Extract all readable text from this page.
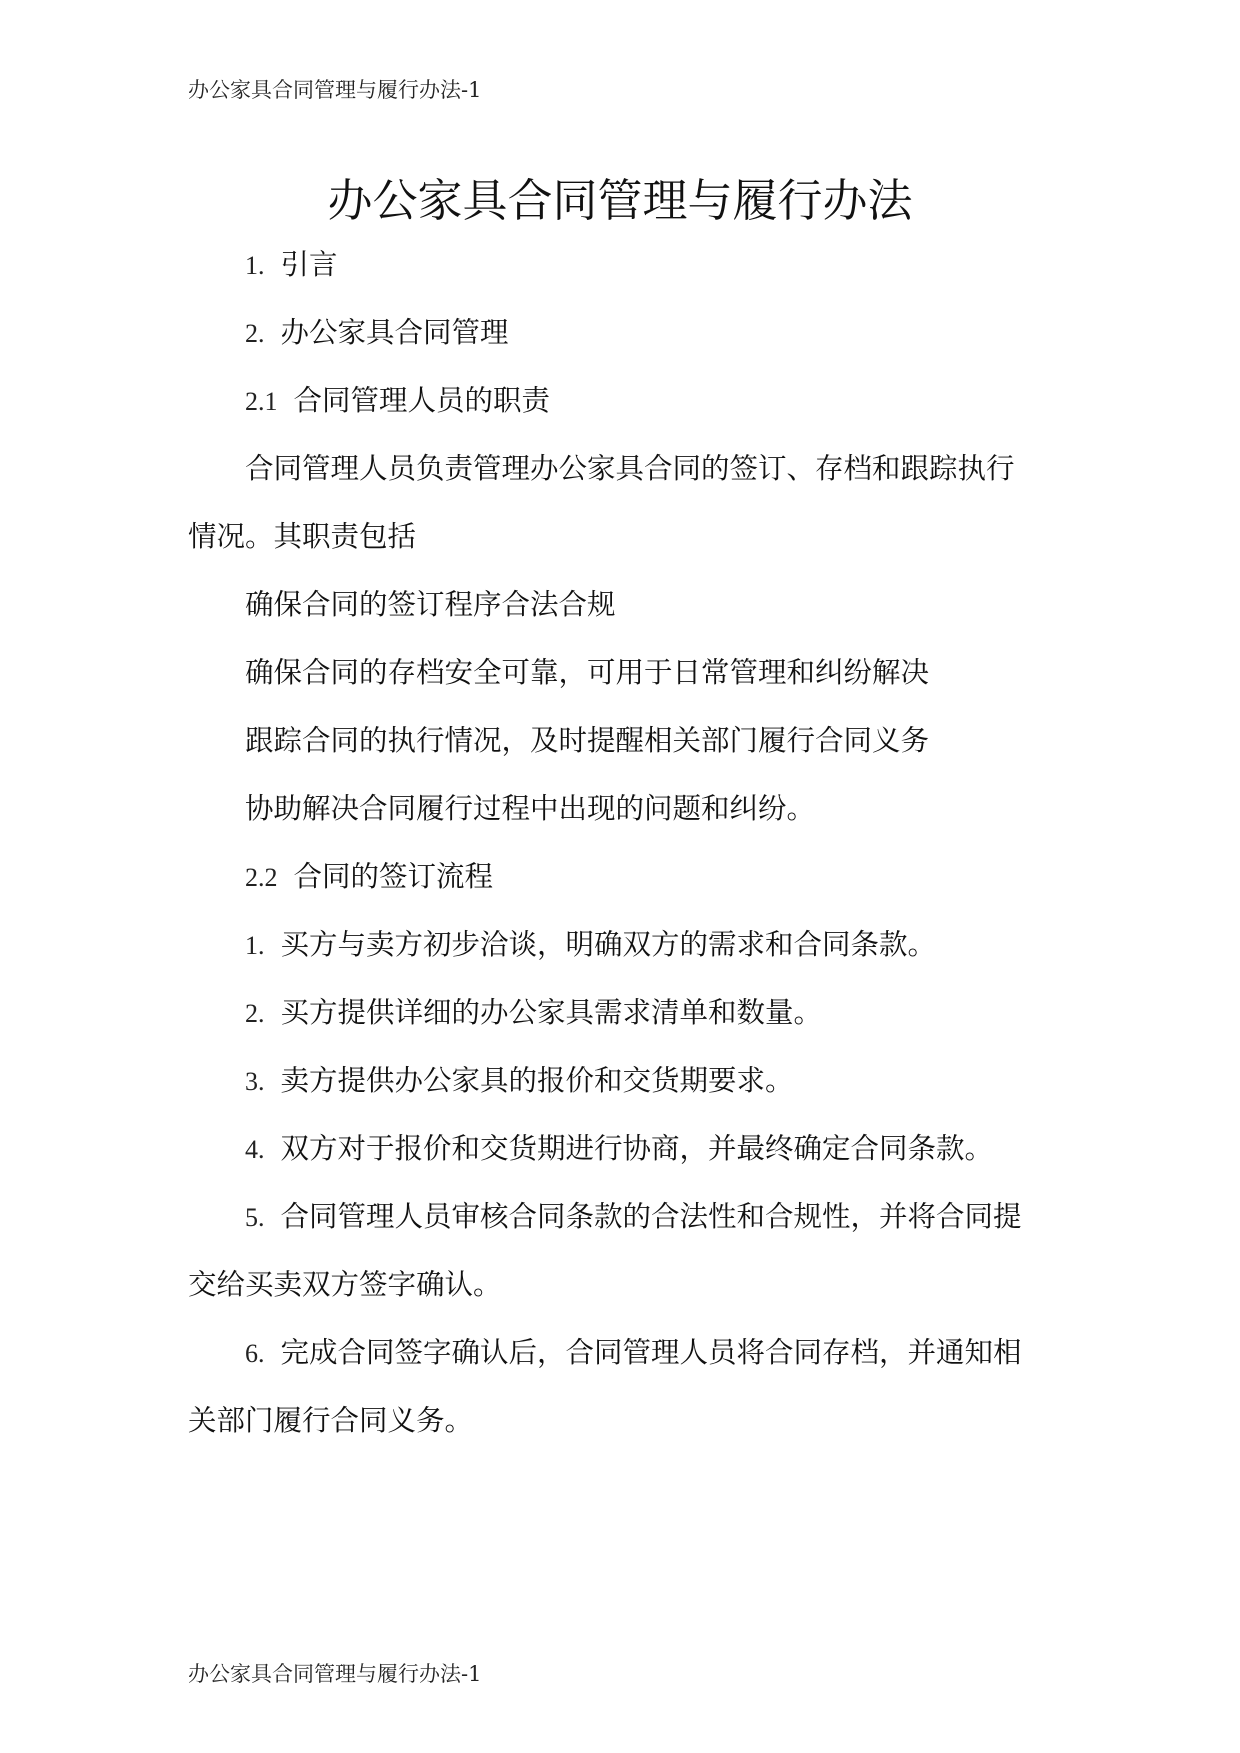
办公家具合同管理与履行办法-1
办公家具合同管理与履行办法
1. 引言
2. 办公家具合同管理
2.1 合同管理人员的职责
合同管理人员负责管理办公家具合同的签订、存档和跟踪执行
情况。其职责包括
确保合同的签订程序合法合规
确保合同的存档安全可靠，可用于日常管理和纠纷解决
跟踪合同的执行情况，及时提醒相关部门履行合同义务
协助解决合同履行过程中出现的问题和纠纷。
2.2 合同的签订流程
1. 买方与卖方初步洽谈，明确双方的需求和合同条款。
2. 买方提供详细的办公家具需求清单和数量。
3. 卖方提供办公家具的报价和交货期要求。
4. 双方对于报价和交货期进行协商，并最终确定合同条款。
5. 合同管理人员审核合同条款的合法性和合规性，并将合同提
交给买卖双方签字确认。
6. 完成合同签字确认后，合同管理人员将合同存档，并通知相
关部门履行合同义务。
办公家具合同管理与履行办法-1
